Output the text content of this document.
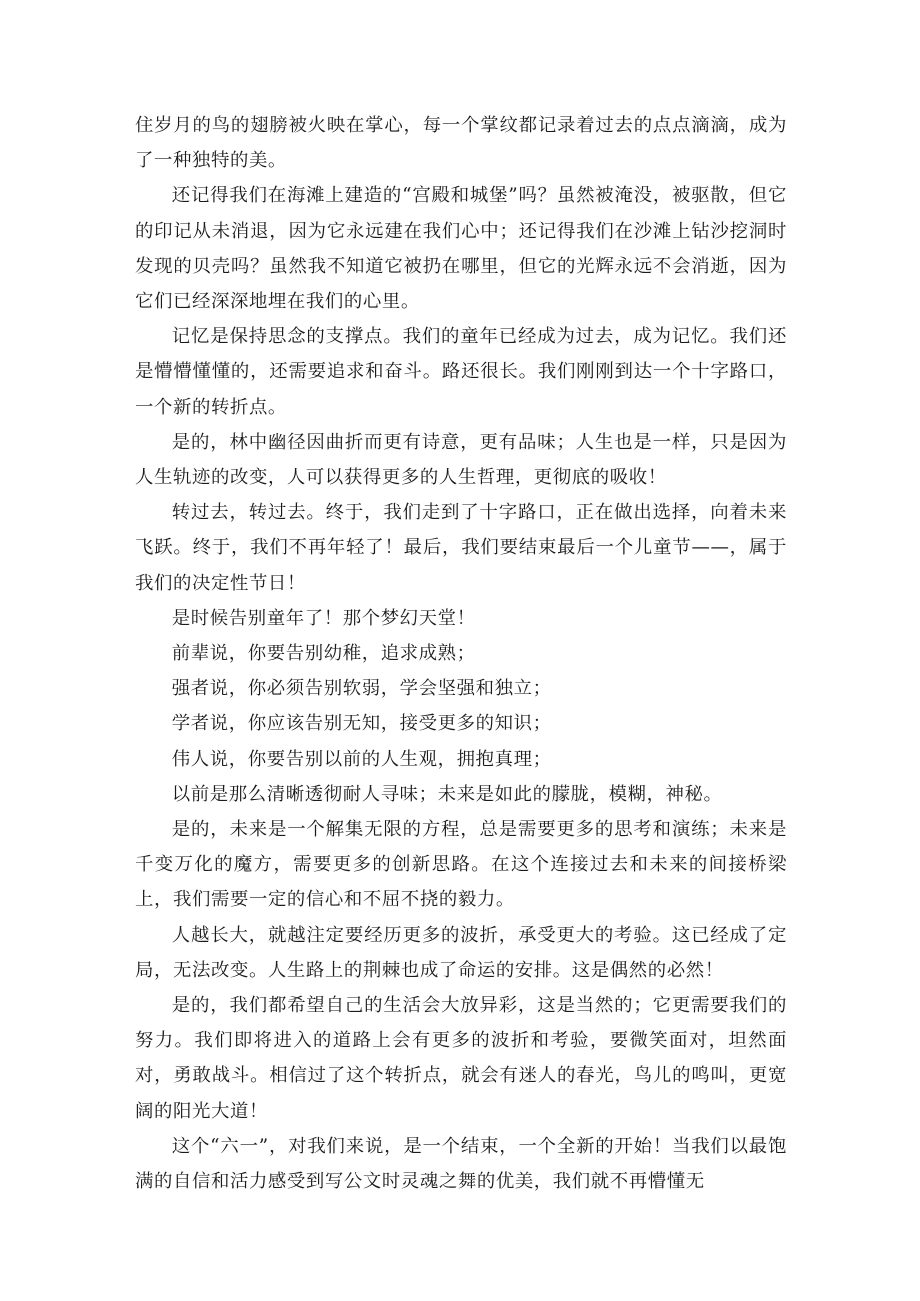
住岁月的鸟的翅膀被火映在掌心，每一个掌纹都记录着过去的点点滴滴，成为了一种独特的美。

还记得我们在海滩上建造的“宫殿和城堡”吗？虽然被淹没，被驱散，但它的印记从未消退，因为它永远建在我们心中；还记得我们在沙滩上钻沙挖洞时发现的贝壳吗？虽然我不知道它被扔在哪里，但它的光辉永远不会消逝，因为它们已经深深地埋在我们的心里。

记忆是保持思念的支撑点。我们的童年已经成为过去，成为记忆。我们还是懵懵懂懂的，还需要追求和奋斗。路还很长。我们刚刚到达一个十字路口，一个新的转折点。

是的，林中幽径因曲折而更有诗意，更有品味；人生也是一样，只是因为人生轨迹的改变，人可以获得更多的人生哲理，更彻底的吸收！

转过去，转过去。终于，我们走到了十字路口，正在做出选择，向着未来飞跃。终于，我们不再年轻了！最后，我们要结束最后一个儿童节——，属于我们的决定性节日！

是时候告别童年了！那个梦幻天堂！

前辈说，你要告别幼稚，追求成熟；

强者说，你必须告别软弱，学会坚强和独立；

学者说，你应该告别无知，接受更多的知识；

伟人说，你要告别以前的人生观，拥抱真理；

以前是那么清晰透彻耐人寻味；未来是如此的朦胧，模糊，神秘。

是的，未来是一个解集无限的方程，总是需要更多的思考和演练；未来是千变万化的魔方，需要更多的创新思路。在这个连接过去和未来的间接桥梁上，我们需要一定的信心和不屈不挠的毅力。

人越长大，就越注定要经历更多的波折，承受更大的考验。这已经成了定局，无法改变。人生路上的荆棘也成了命运的安排。这是偶然的必然！

是的，我们都希望自己的生活会大放异彩，这是当然的；它更需要我们的努力。我们即将进入的道路上会有更多的波折和考验，要微笑面对，坦然面对，勇敢战斗。相信过了这个转折点，就会有迷人的春光，鸟儿的鸣叫，更宽阔的阳光大道！

这个“六一”，对我们来说，是一个结束，一个全新的开始！当我们以最饱满的自信和活力感受到写公文时灵魂之舞的优美，我们就不再懵懂无
